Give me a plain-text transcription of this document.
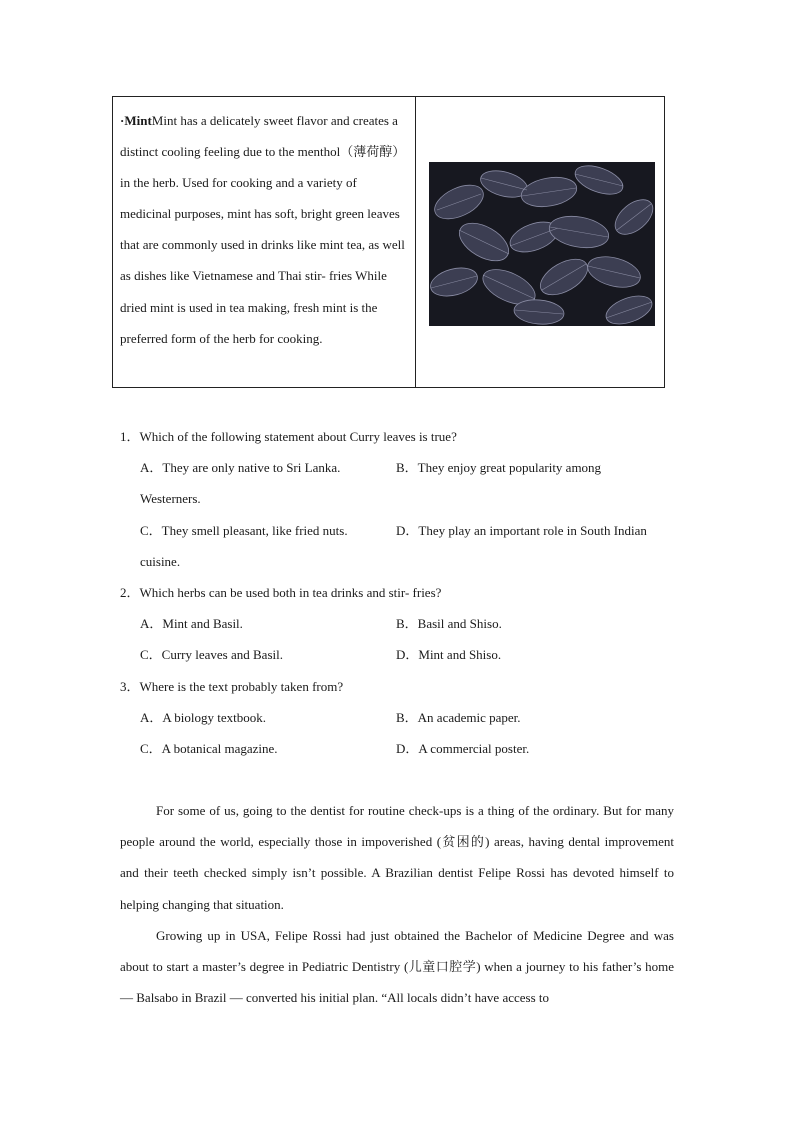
·MintMint has a delicately sweet flavor and creates a distinct cooling feeling due to the menthol（薄荷醇） in the herb. Used for cooking and a variety of medicinal purposes, mint has soft, bright green leaves that are commonly used in drinks like mint tea, as well as dishes like Vietnamese and Thai stir- fries While dried mint is used in tea making, fresh mint is the preferred form of the herb for cooking.
1．Which of the following statement about Curry leaves is true?
A．They are only native to Sri Lanka.	B．They enjoy great popularity among
Westerners.
C．They smell pleasant, like fried nuts.	D．They play an important role in South Indian
cuisine.
2．Which herbs can be used both in tea drinks and stir- fries?
A．Mint and Basil.	B．Basil and Shiso.
C．Curry leaves and Basil.	D．Mint and Shiso.
3．Where is the text probably taken from?
A．A biology textbook.	B．An academic paper.
C．A botanical magazine.	D．A commercial poster.

For some of us, going to the dentist for routine check-ups is a thing of the ordinary. But for many people around the world, especially those in impoverished (贫困的) areas, having dental improvement and their teeth checked simply isn’t possible. A Brazilian dentist Felipe Rossi has devoted himself to helping changing that situation.

Growing up in USA, Felipe Rossi had just obtained the Bachelor of Medicine Degree and was about to start a master’s degree in Pediatric Dentistry (儿童口腔学) when a journey to his father’s home — Balsabo in Brazil — converted his initial plan. “All locals didn’t have access to
